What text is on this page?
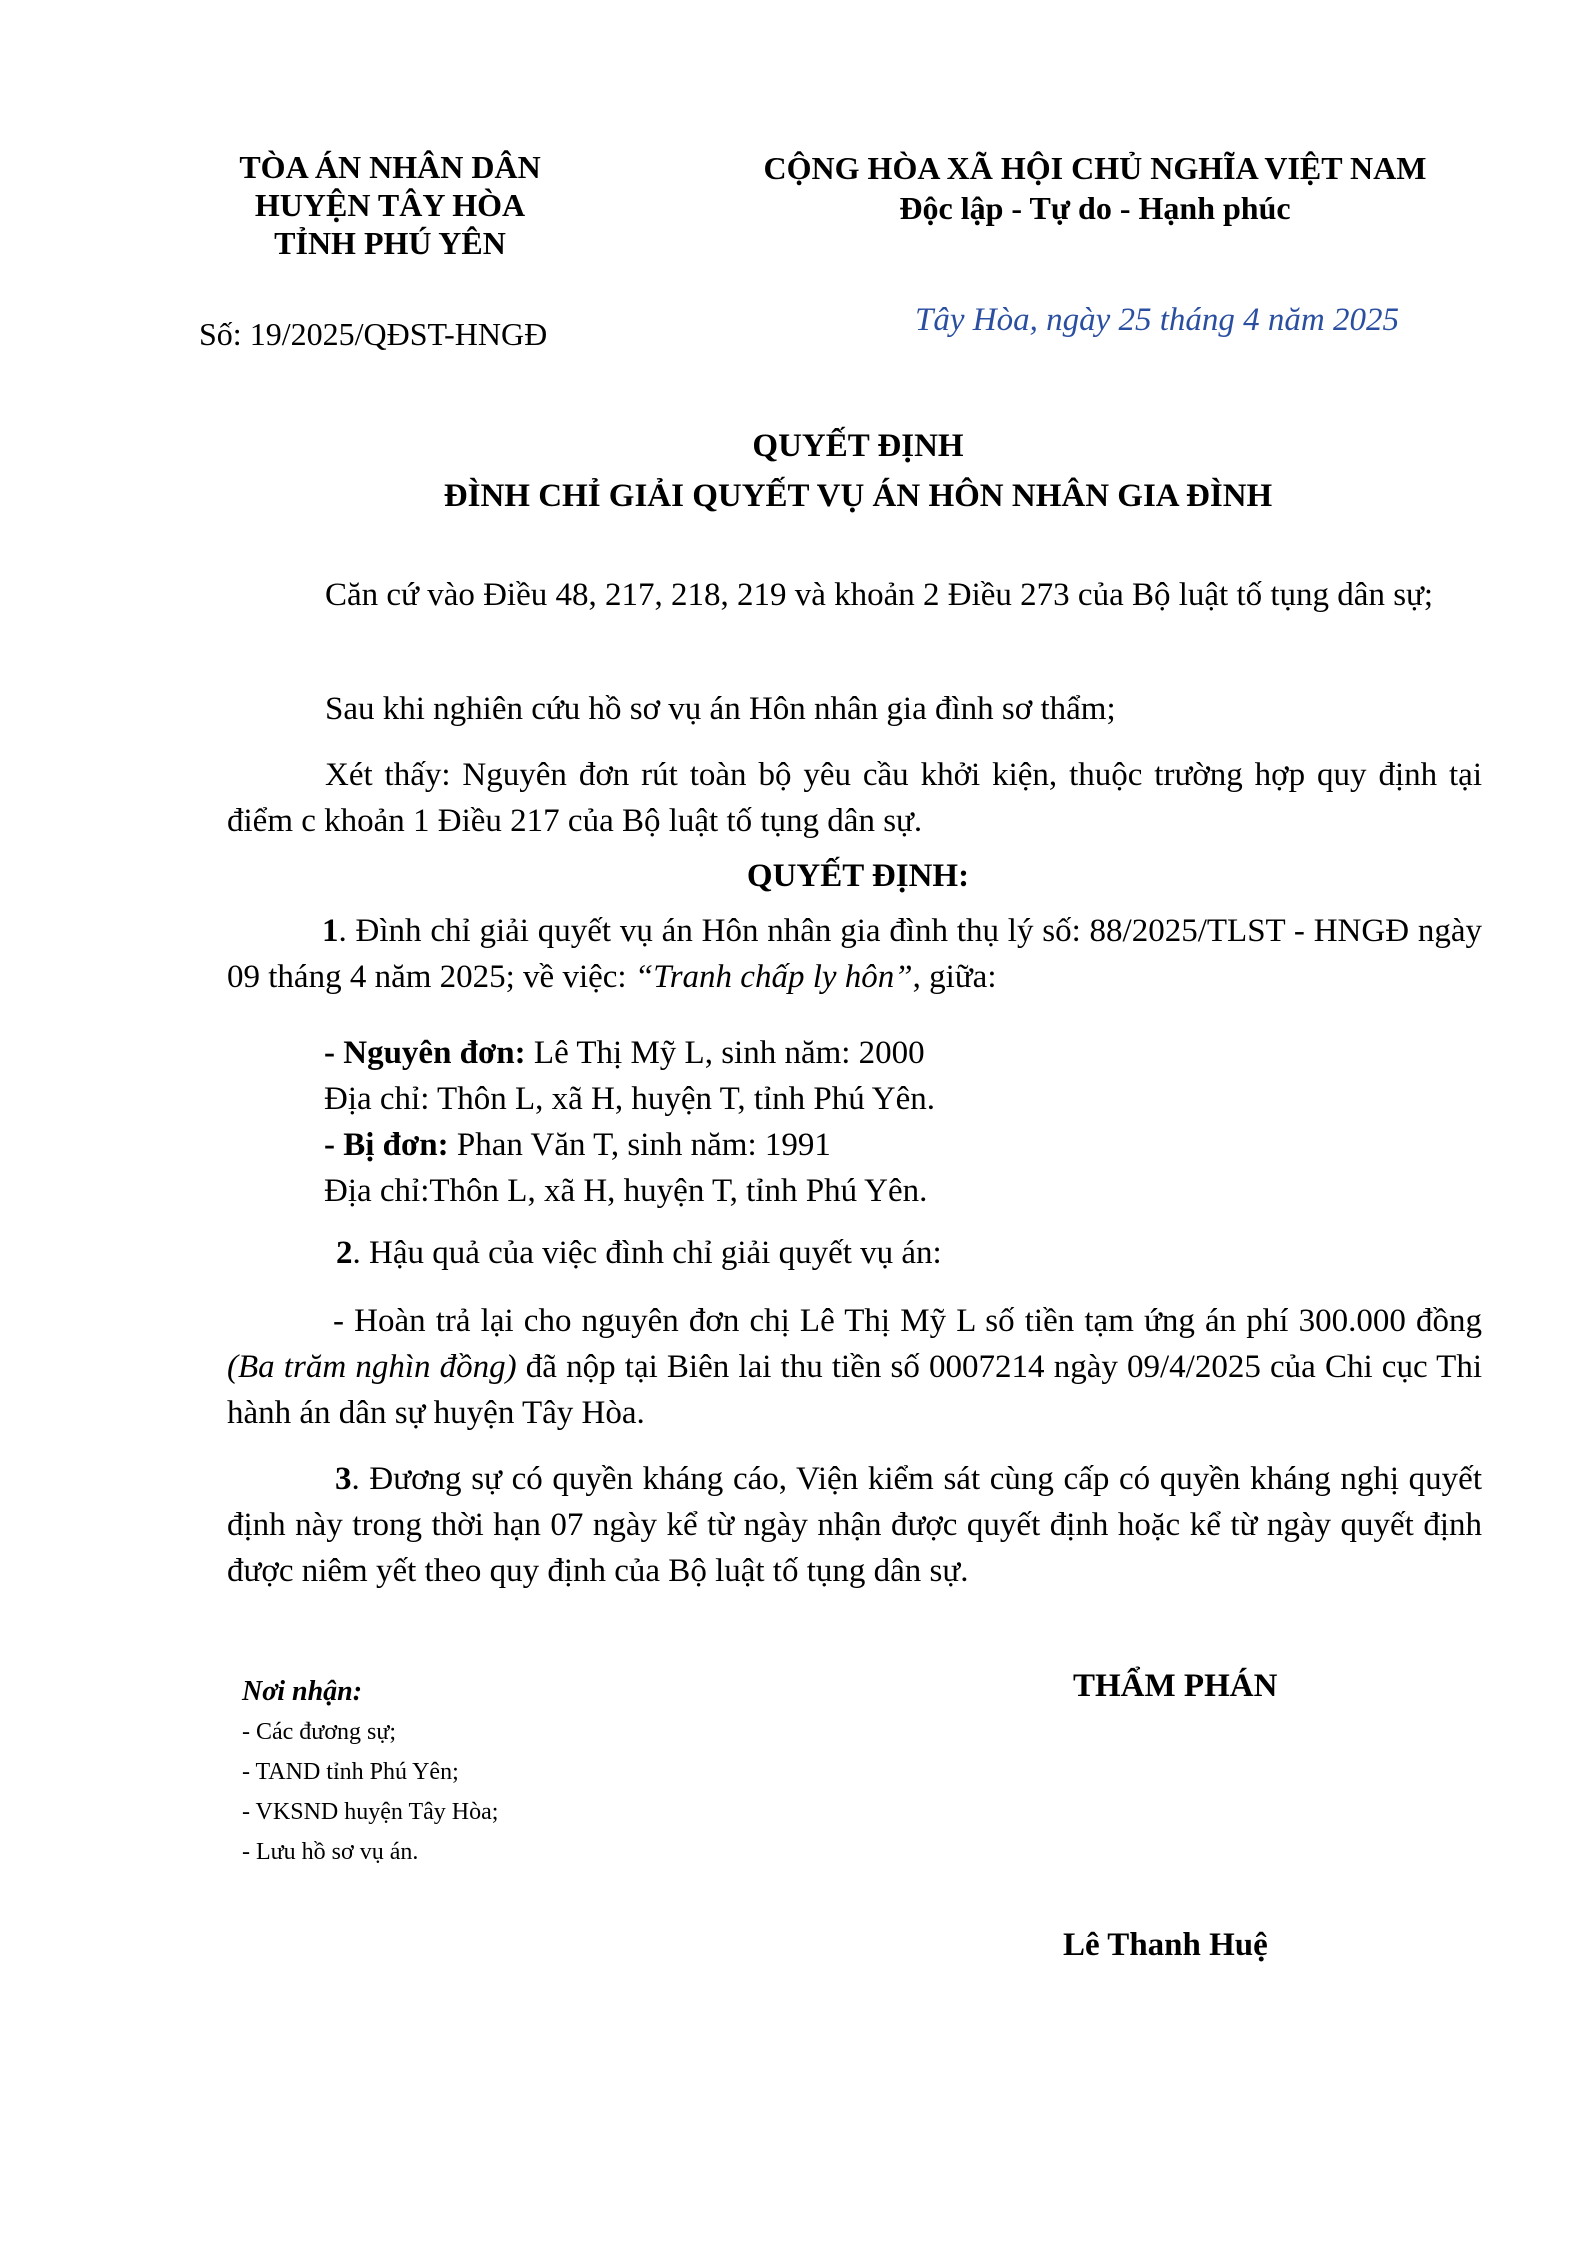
TÒA ÁN NHÂN DÂN
HUYỆN TÂY HÒA
TỈNH PHÚ YÊN
CỘNG HÒA XÃ HỘI CHỦ NGHĨA VIỆT NAM
Độc lập - Tự do - Hạnh phúc
Số: 19/2025/QĐST-HNGĐ	Tây Hòa, ngày 25 tháng 4 năm 2025
QUYẾT ĐỊNH
ĐÌNH CHỈ GIẢI QUYẾT VỤ ÁN HÔN NHÂN GIA ĐÌNH

Căn cứ vào Điều 48, 217, 218, 219 và khoản 2 Điều 273 của Bộ luật tố tụng dân sự;

Sau khi nghiên cứu hồ sơ vụ án Hôn nhân gia đình sơ thẩm;

Xét thấy: Nguyên đơn rút toàn bộ yêu cầu khởi kiện, thuộc trường hợp quy định tại điểm c khoản 1 Điều 217 của Bộ luật tố tụng dân sự.

QUYẾT ĐỊNH:

1. Đình chỉ giải quyết vụ án Hôn nhân gia đình thụ lý số: 88/2025/TLST - HNGĐ ngày 09 tháng 4 năm 2025; về việc: “Tranh chấp ly hôn”, giữa:

- Nguyên đơn: Lê Thị Mỹ L, sinh năm: 2000
Địa chỉ: Thôn L, xã H, huyện T, tỉnh Phú Yên.
- Bị đơn: Phan Văn T, sinh năm: 1991
Địa chỉ:Thôn L, xã H, huyện T, tỉnh Phú Yên.

2. Hậu quả của việc đình chỉ giải quyết vụ án:

- Hoàn trả lại cho nguyên đơn chị Lê Thị Mỹ L số tiền tạm ứng án phí 300.000 đồng (Ba trăm nghìn đồng) đã nộp tại Biên lai thu tiền số 0007214 ngày 09/4/2025 của Chi cục Thi hành án dân sự huyện Tây Hòa.

3. Đương sự có quyền kháng cáo, Viện kiểm sát cùng cấp có quyền kháng nghị quyết định này trong thời hạn 07 ngày kể từ ngày nhận được quyết định hoặc kể từ ngày quyết định được niêm yết theo quy định của Bộ luật tố tụng dân sự.

Nơi nhận:
- Các đương sự;
- TAND tỉnh Phú Yên;
- VKSND huyện Tây Hòa;
- Lưu hồ sơ vụ án.
THẨM PHÁN
Lê Thanh Huệ
